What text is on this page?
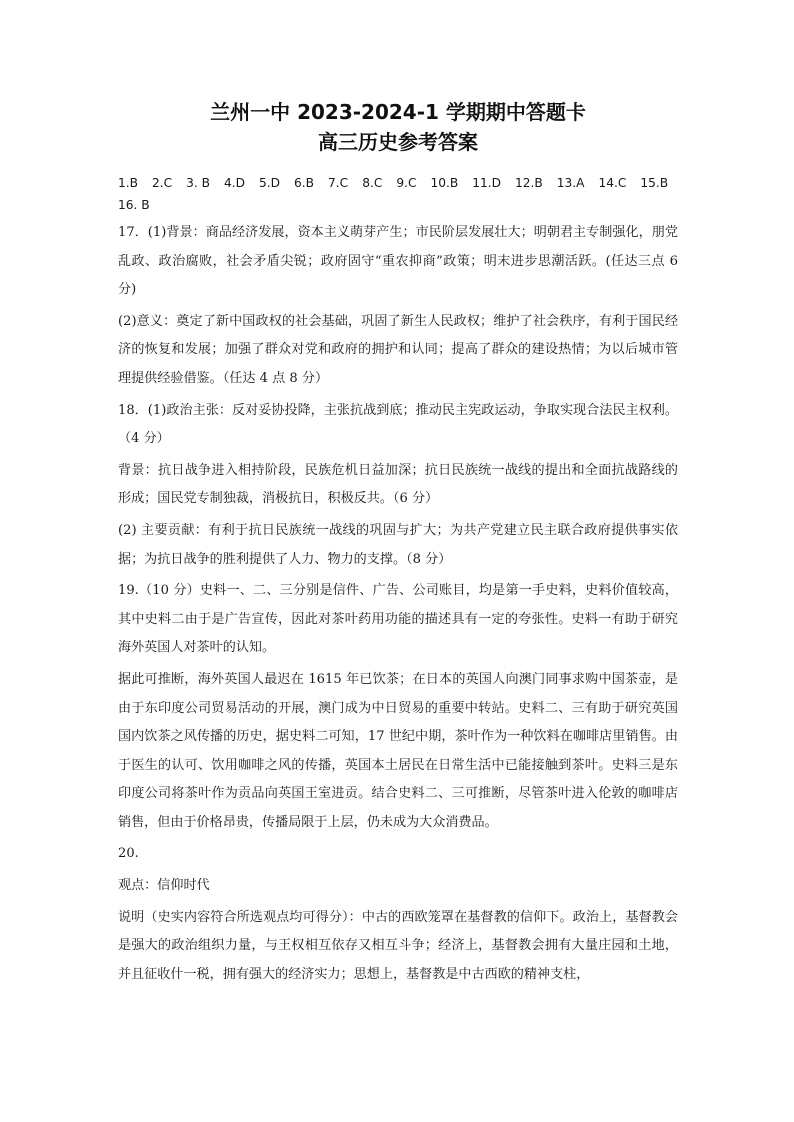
兰州一中 2023-2024-1 学期期中答题卡
高三历史参考答案
1.B 2.C 3. B 4.D 5.D 6.B 7.C 8.C 9.C 10.B 11.D 12.B 13.A 14.C 15.B
16. B

17．(1)背景：商品经济发展，资本主义萌芽产生；市民阶层发展壮大；明朝君主专制强化，朋党乱政、政治腐败，社会矛盾尖锐；政府固守“重农抑商”政策；明末进步思潮活跃。(任达三点 6 分)

(2)意义：奠定了新中国政权的社会基础，巩固了新生人民政权；维护了社会秩序，有利于国民经济的恢复和发展；加强了群众对党和政府的拥护和认同；提高了群众的建设热情；为以后城市管理提供经验借鉴。（任达 4 点 8 分）

18．(1)政治主张：反对妥协投降，主张抗战到底；推动民主宪政运动，争取实现合法民主权利。（4 分）

背景：抗日战争进入相持阶段，民族危机日益加深；抗日民族统一战线的提出和全面抗战路线的形成；国民党专制独裁，消极抗日，积极反共。（6 分）

(2) 主要贡献：有利于抗日民族统一战线的巩固与扩大；为共产党建立民主联合政府提供事实依据；为抗日战争的胜利提供了人力、物力的支撑。（8 分）

19.（10 分）史料一、二、三分别是信件、广告、公司账目，均是第一手史料，史料价值较高，其中史料二由于是广告宣传，因此对茶叶药用功能的描述具有一定的夸张性。史料一有助于研究海外英国人对茶叶的认知。

据此可推断，海外英国人最迟在 1615 年已饮茶；在日本的英国人向澳门同事求购中国茶壶，是由于东印度公司贸易活动的开展，澳门成为中日贸易的重要中转站。史料二、三有助于研究英国国内饮茶之风传播的历史，据史料二可知，17 世纪中期，茶叶作为一种饮料在咖啡店里销售。由于医生的认可、饮用咖啡之风的传播，英国本土居民在日常生活中已能接触到茶叶。史料三是东印度公司将茶叶作为贡品向英国王室进贡。结合史料二、三可推断，尽管茶叶进入伦敦的咖啡店销售，但由于价格昂贵，传播局限于上层，仍未成为大众消费品。

20.

观点：信仰时代

说明（史实内容符合所选观点均可得分）：中古的西欧笼罩在基督教的信仰下。政治上，基督教会是强大的政治组织力量，与王权相互依存又相互斗争；经济上，基督教会拥有大量庄园和土地，并且征收什一税，拥有强大的经济实力；思想上，基督教是中古西欧的精神支柱，
